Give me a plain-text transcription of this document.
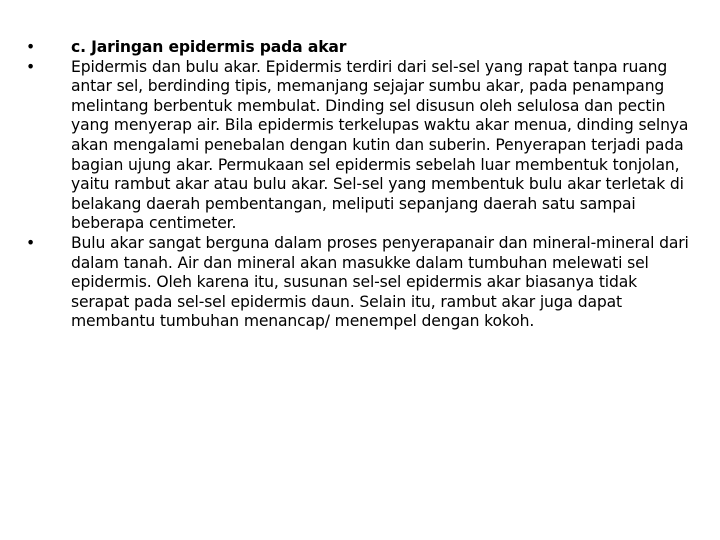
• c. Jaringan epidermis pada akar
• Epidermis dan bulu akar. Epidermis terdiri dari sel-sel yang rapat tanpa ruang antar sel, berdinding tipis, memanjang sejajar sumbu akar, pada penampang melintang berbentuk membulat. Dinding sel disusun oleh selulosa dan pectin yang menyerap air. Bila epidermis terkelupas waktu akar menua, dinding selnya akan mengalami penebalan dengan kutin dan suberin. Penyerapan terjadi pada bagian ujung akar. Permukaan sel epidermis sebelah luar membentuk tonjolan, yaitu rambut akar atau bulu akar. Sel-sel yang membentuk bulu akar terletak di belakang daerah pembentangan, meliputi sepanjang daerah satu sampai beberapa centimeter.
• Bulu akar sangat berguna dalam proses penyerapanair dan mineral-mineral dari dalam tanah. Air dan mineral akan masukke dalam tumbuhan melewati sel epidermis. Oleh karena itu, susunan sel-sel epidermis akar biasanya tidak serapat pada sel-sel epidermis daun. Selain itu, rambut akar juga dapat membantu tumbuhan menancap/ menempel dengan kokoh.
